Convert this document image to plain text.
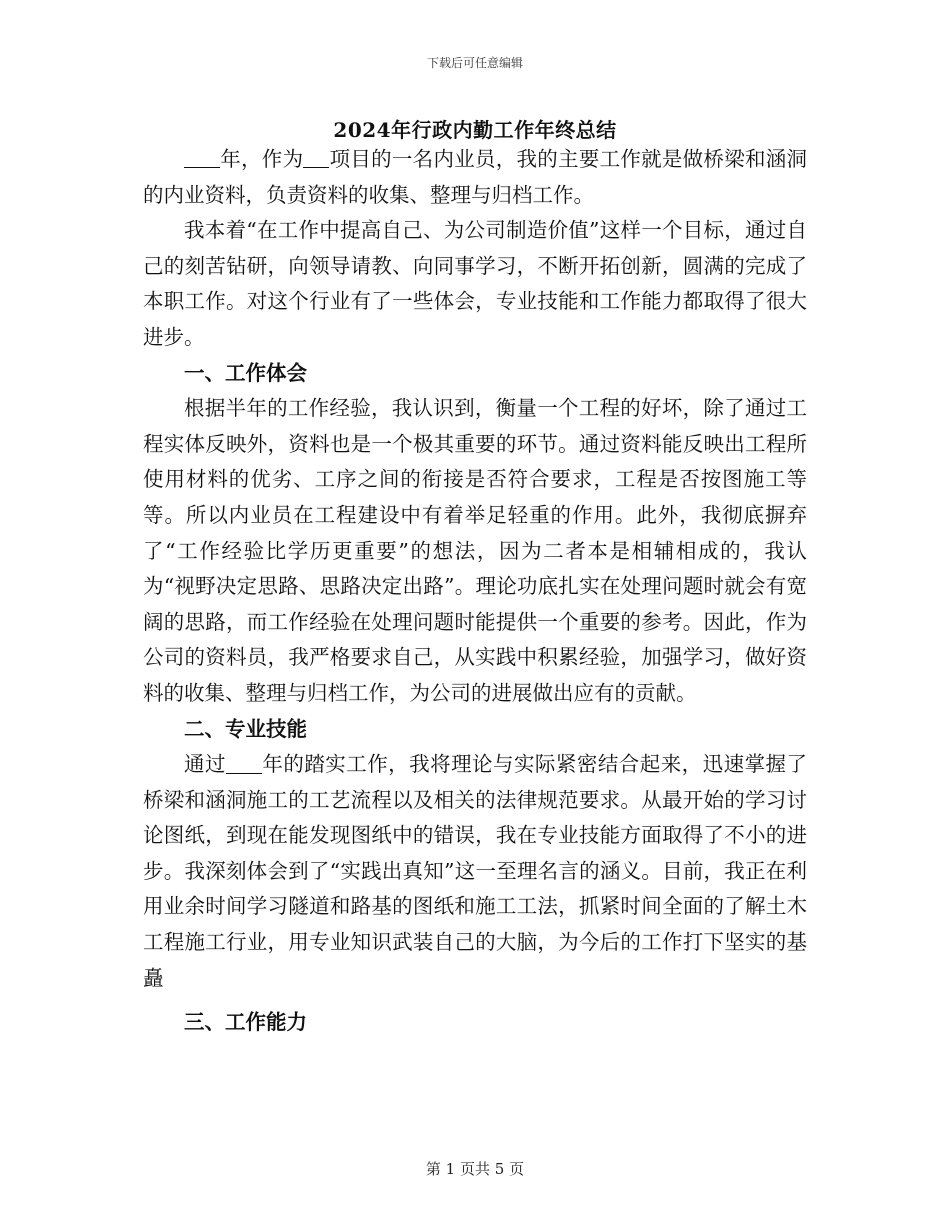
下载后可任意编辑
2024年行政内勤工作年终总结

年，作为 项目的一名内业员，我的主要工作就是做桥梁和涵洞的内业资料，负责资料的收集、整理与归档工作。

我本着“在工作中提高自己、为公司制造价值”这样一个目标，通过自己的刻苦钻研，向领导请教、向同事学习，不断开拓创新，圆满的完成了本职工作。对这个行业有了一些体会，专业技能和工作能力都取得了很大进步。

一、工作体会

根据半年的工作经验，我认识到，衡量一个工程的好坏，除了通过工程实体反映外，资料也是一个极其重要的环节。通过资料能反映出工程所使用材料的优劣、工序之间的衔接是否符合要求，工程是否按图施工等等。所以内业员在工程建设中有着举足轻重的作用。此外，我彻底摒弃了“工作经验比学历更重要”的想法，因为二者本是相辅相成的，我认为“视野决定思路、思路决定出路”。理论功底扎实在处理问题时就会有宽阔的思路，而工作经验在处理问题时能提供一个重要的参考。因此，作为公司的资料员，我严格要求自己，从实践中积累经验，加强学习，做好资料的收集、整理与归档工作，为公司的进展做出应有的贡献。

二、专业技能

通过 年的踏实工作，我将理论与实际紧密结合起来，迅速掌握了桥梁和涵洞施工的工艺流程以及相关的法律规范要求。从最开始的学习讨论图纸，到现在能发现图纸中的错误，我在专业技能方面取得了不小的进步。我深刻体会到了“实践出真知”这一至理名言的涵义。目前，我正在利用业余时间学习隧道和路基的图纸和施工工法，抓紧时间全面的了解土木工程施工行业，用专业知识武装自己的大脑，为今后的工作打下坚实的基矗

三、工作能力

第 1 页共 5 页
